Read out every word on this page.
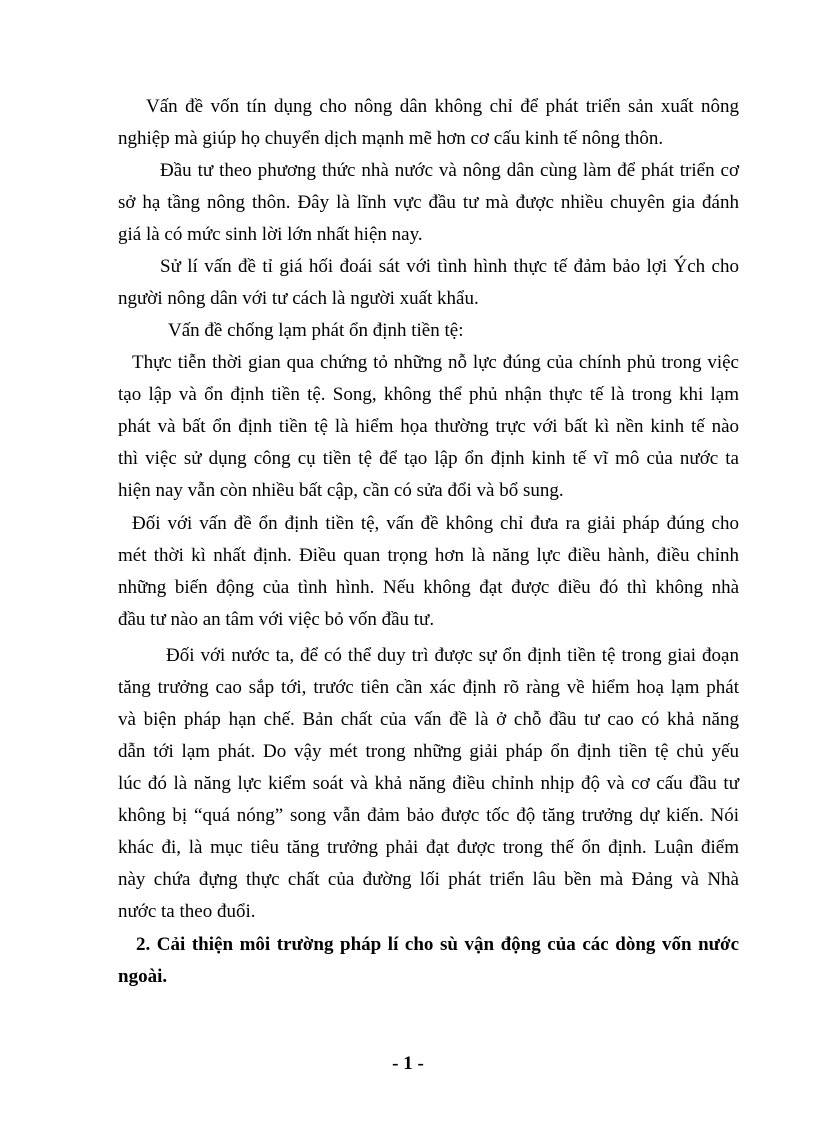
Vấn đề vốn tín dụng cho nông dân không chỉ để phát triển sản xuất nông
nghiệp mà giúp họ chuyển dịch mạnh mẽ hơn cơ cấu kinh tế nông thôn.
Đầu tư theo phương thức nhà nước và nông dân cùng làm để phát triển cơ
sở hạ tầng nông thôn. Đây là lĩnh vực đầu tư mà được nhiều chuyên gia đánh
giá là có mức sinh lời lớn nhất hiện nay.
Sử lí vấn đề tỉ giá hối đoái sát với tình hình thực tế đảm bảo lợi Ých cho
người nông dân với tư cách là người xuất khẩu.
Vấn đề chống lạm phát ổn định tiền tệ:
Thực tiễn thời gian qua chứng tỏ những nỗ lực đúng của chính phủ trong việc
tạo lập và ổn định tiền tệ. Song, không thể phủ nhận thực tế là trong khi lạm
phát và bất ổn định tiền tệ là hiểm họa thường trực với bất kì nền kinh tế nào
thì việc sử dụng công cụ tiền tệ để tạo lập ổn định kinh tế vĩ mô của nước ta
hiện nay vẫn còn nhiều bất cập, cần có sửa đổi và bổ sung.
Đối với vấn đề ổn định tiền tệ, vấn đề không chỉ đưa ra giải pháp đúng cho
mét thời kì nhất định. Điều quan trọng hơn là năng lực điều hành, điều chỉnh
những biến động của tình hình. Nếu không đạt được điều đó thì không nhà
đầu tư nào an tâm với việc bỏ vốn đầu tư.
Đối với nước ta, để có thể duy trì được sự ổn định tiền tệ trong giai đoạn
tăng trưởng cao sắp tới, trước tiên cần xác định rõ ràng về hiểm hoạ lạm phát
và biện pháp hạn chế. Bản chất của vấn đề là ở chỗ đầu tư cao có khả năng
dẫn tới lạm phát. Do vậy mét trong những giải pháp ổn định tiền tệ chủ yếu
lúc đó là năng lực kiểm soát và khả năng điều chỉnh nhịp độ và cơ cấu đầu tư
không bị “quá nóng” song vẫn đảm bảo được tốc độ tăng trưởng dự kiến. Nói
khác đi, là mục tiêu tăng trưởng phải đạt được trong thế ổn định. Luận điểm
này chứa đựng thực chất của đường lối phát triển lâu bền mà Đảng và Nhà
nước ta theo đuổi.
2. Cải thiện môi trường pháp lí cho sù vận động của các dòng vốn nước
ngoài.
- 1 -
